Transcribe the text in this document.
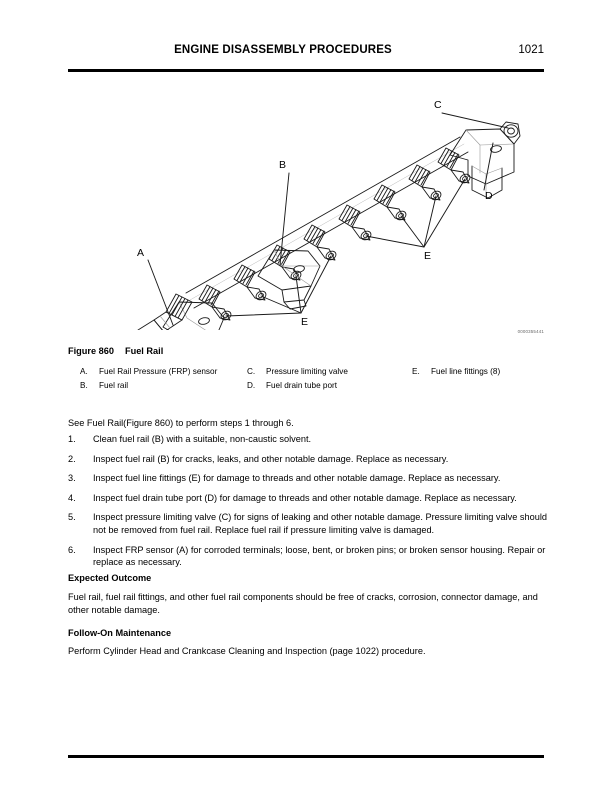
ENGINE DISASSEMBLY PROCEDURES	1021
A
B
C
D
E
E
0000355441
Figure 860 Fuel Rail
A. Fuel Rail Pressure (FRP) sensor
B. Fuel rail
C. Pressure limiting valve
D. Fuel drain tube port
E. Fuel line fittings (8)
See Fuel Rail(Figure 860) to perform steps 1 through 6.
1.	Clean fuel rail (B) with a suitable, non-caustic solvent.
2.	Inspect fuel rail (B) for cracks, leaks, and other notable damage. Replace as necessary.
3.	Inspect fuel line fittings (E) for damage to threads and other notable damage. Replace as necessary.
4.	Inspect fuel drain tube port (D) for damage to threads and other notable damage. Replace as necessary.
5.	Inspect pressure limiting valve (C) for signs of leaking and other notable damage. Pressure limiting valve should not be removed from fuel rail. Replace fuel rail if pressure limiting valve is damaged.
6.	Inspect FRP sensor (A) for corroded terminals; loose, bent, or broken pins; or broken sensor housing. Repair or replace as necessary.
Expected Outcome
Fuel rail, fuel rail fittings, and other fuel rail components should be free of cracks, corrosion, connector damage, and other notable damage.
Follow-On Maintenance
Perform Cylinder Head and Crankcase Cleaning and Inspection (page 1022) procedure.
